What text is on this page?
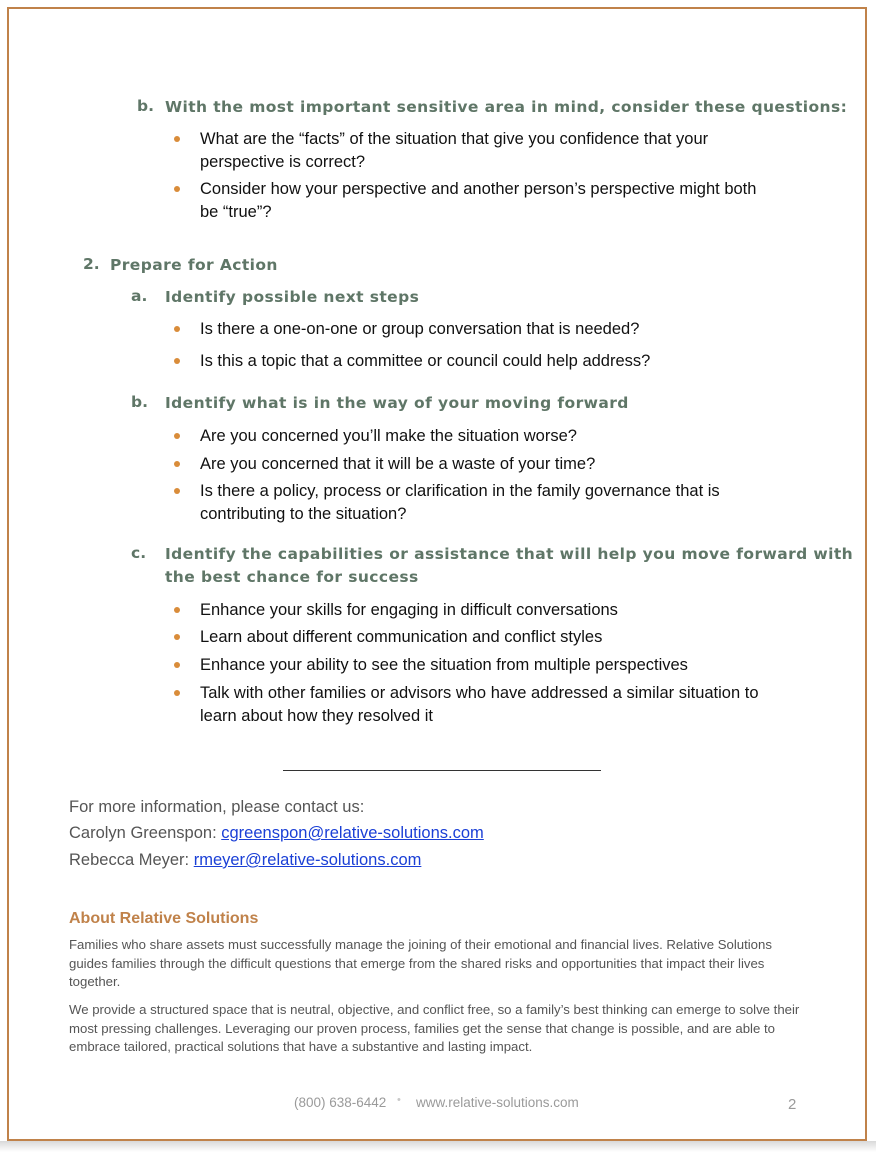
b. With the most important sensitive area in mind, consider these questions:
What are the “facts” of the situation that give you confidence that your
perspective is correct?
Consider how your perspective and another person’s perspective might both
be “true”?
2. Prepare for Action
a. Identify possible next steps
Is there a one-on-one or group conversation that is needed?
Is this a topic that a committee or council could help address?
b. Identify what is in the way of your moving forward
Are you concerned you’ll make the situation worse?
Are you concerned that it will be a waste of your time?
Is there a policy, process or clarification in the family governance that is
contributing to the situation?
c. Identify the capabilities or assistance that will help you move forward with
the best chance for success
Enhance your skills for engaging in difficult conversations
Learn about different communication and conflict styles
Enhance your ability to see the situation from multiple perspectives
Talk with other families or advisors who have addressed a similar situation to
learn about how they resolved it
For more information, please contact us:
Carolyn Greenspon: cgreenspon@relative-solutions.com
Rebecca Meyer: rmeyer@relative-solutions.com
About Relative Solutions
Families who share assets must successfully manage the joining of their emotional and financial lives. Relative Solutions guides families through the difficult questions that emerge from the shared risks and opportunities that impact their lives together.
We provide a structured space that is neutral, objective, and conflict free, so a family’s best thinking can emerge to solve their most pressing challenges. Leveraging our proven process, families get the sense that change is possible, and are able to embrace tailored, practical solutions that have a substantive and lasting impact.
(800) 638-6442 • www.relative-solutions.com	2
